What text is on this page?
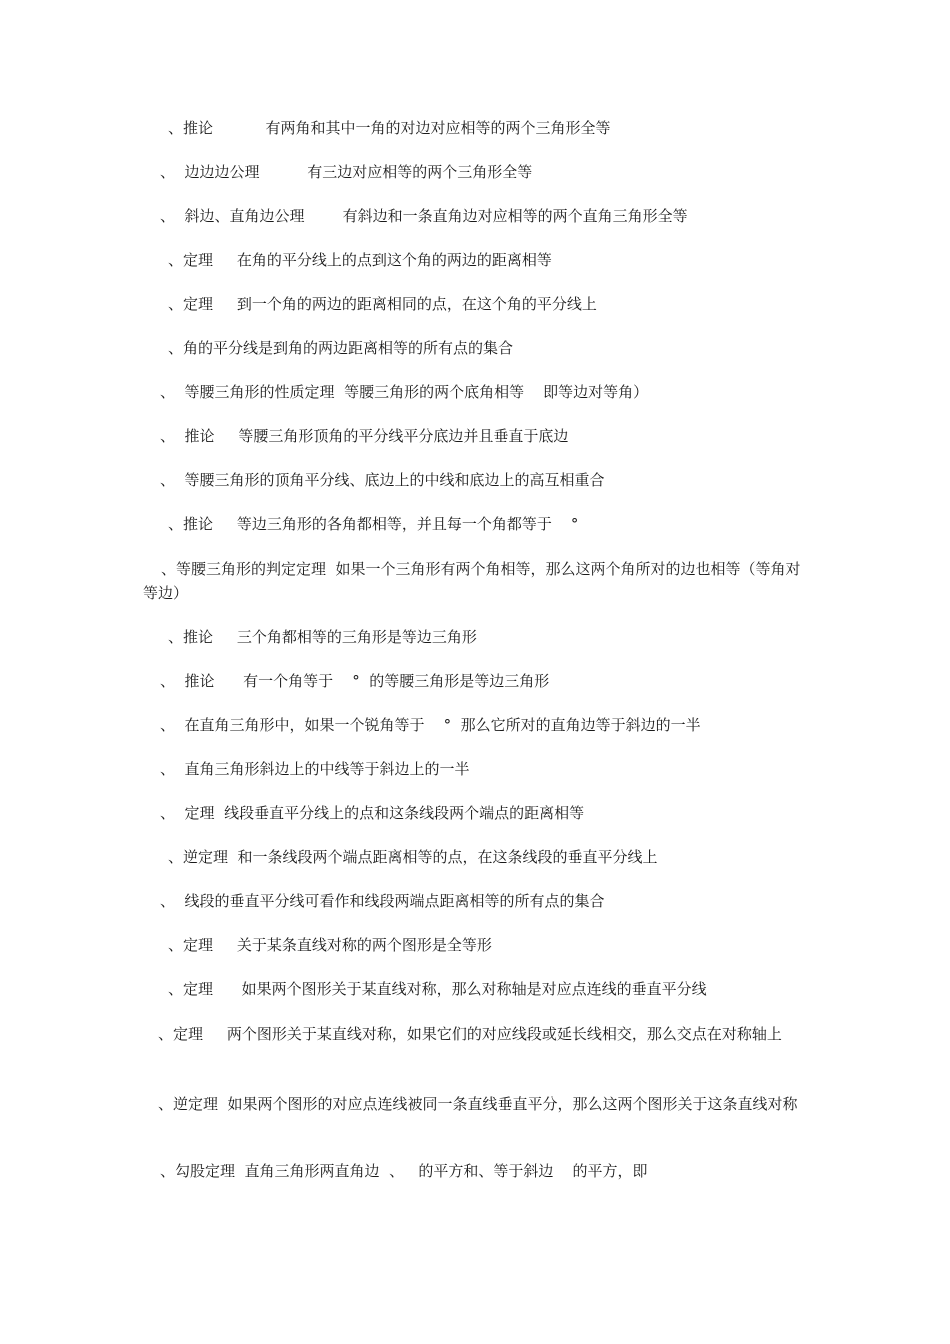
、推论           有两角和其中一角的对边对应相等的两个三角形全等
、  边边边公理          有三边对应相等的两个三角形全等
、  斜边、直角边公理        有斜边和一条直角边对应相等的两个直角三角形全等
、定理     在角的平分线上的点到这个角的两边的距离相等
、定理     到一个角的两边的距离相同的点，在这个角的平分线上
、角的平分线是到角的两边距离相等的所有点的集合
、  等腰三角形的性质定理  等腰三角形的两个底角相等    即等边对等角）
、  推论     等腰三角形顶角的平分线平分底边并且垂直于底边
、  等腰三角形的顶角平分线、底边上的中线和底边上的高互相重合
、推论     等边三角形的各角都相等，并且每一个角都等于    °
、等腰三角形的判定定理  如果一个三角形有两个角相等，那么这两个角所对的边也相等（等角对等边）
、推论     三个角都相等的三角形是等边三角形
、  推论      有一个角等于    °  的等腰三角形是等边三角形
、  在直角三角形中，如果一个锐角等于    °  那么它所对的直角边等于斜边的一半
、  直角三角形斜边上的中线等于斜边上的一半
、  定理  线段垂直平分线上的点和这条线段两个端点的距离相等
、逆定理  和一条线段两个端点距离相等的点，在这条线段的垂直平分线上
、  线段的垂直平分线可看作和线段两端点距离相等的所有点的集合
、定理     关于某条直线对称的两个图形是全等形
、定理      如果两个图形关于某直线对称，那么对称轴是对应点连线的垂直平分线
、定理     两个图形关于某直线对称，如果它们的对应线段或延长线相交，那么交点在对称轴上
、逆定理  如果两个图形的对应点连线被同一条直线垂直平分，那么这两个图形关于这条直线对称
、勾股定理  直角三角形两直角边  、   的平方和、等于斜边    的平方，即
